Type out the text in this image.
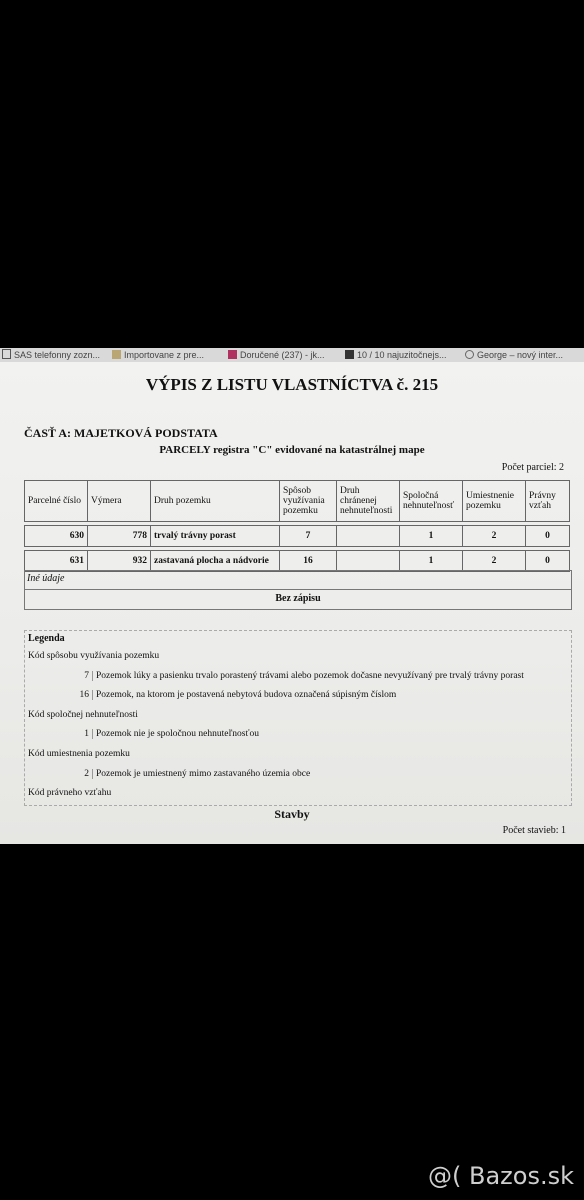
SAS telefonny zozn...	Importovane z pre...	Doručené (237) - jk...	10 / 10 najuzitočnejs...	George – nový inter...
VÝPIS Z LISTU VLASTNÍCTVA č. 215
ČASŤ A: MAJETKOVÁ PODSTATA
PARCELY registra "C" evidované na katastrálnej mape
Počet parciel: 2
Parcelné číslo	Výmera	Druh pozemku	Spôsob využívania pozemku	Druh chránenej nehnuteľnosti	Spoločná nehnuteľnosť	Umiestnenie pozemku	Právny vzťah

630	778	trvalý trávny porast	7		1	2	0

631	932	zastavaná plocha a nádvorie	16		1	2	0
Iné údaje
Bez zápisu
Legenda
Kód spôsobu využívania pozemku
7 Pozemok lúky a pasienku trvalo porastený trávami alebo pozemok dočasne nevyužívaný pre trvalý trávny porast
16 Pozemok, na ktorom je postavená nebytová budova označená súpisným číslom
Kód spoločnej nehnuteľnosti
1 Pozemok nie je spoločnou nehnuteľnosťou
Kód umiestnenia pozemku
2 Pozemok je umiestnený mimo zastavaného územia obce
Kód právneho vzťahu
Stavby
Počet stavieb: 1
@( Bazos.sk
